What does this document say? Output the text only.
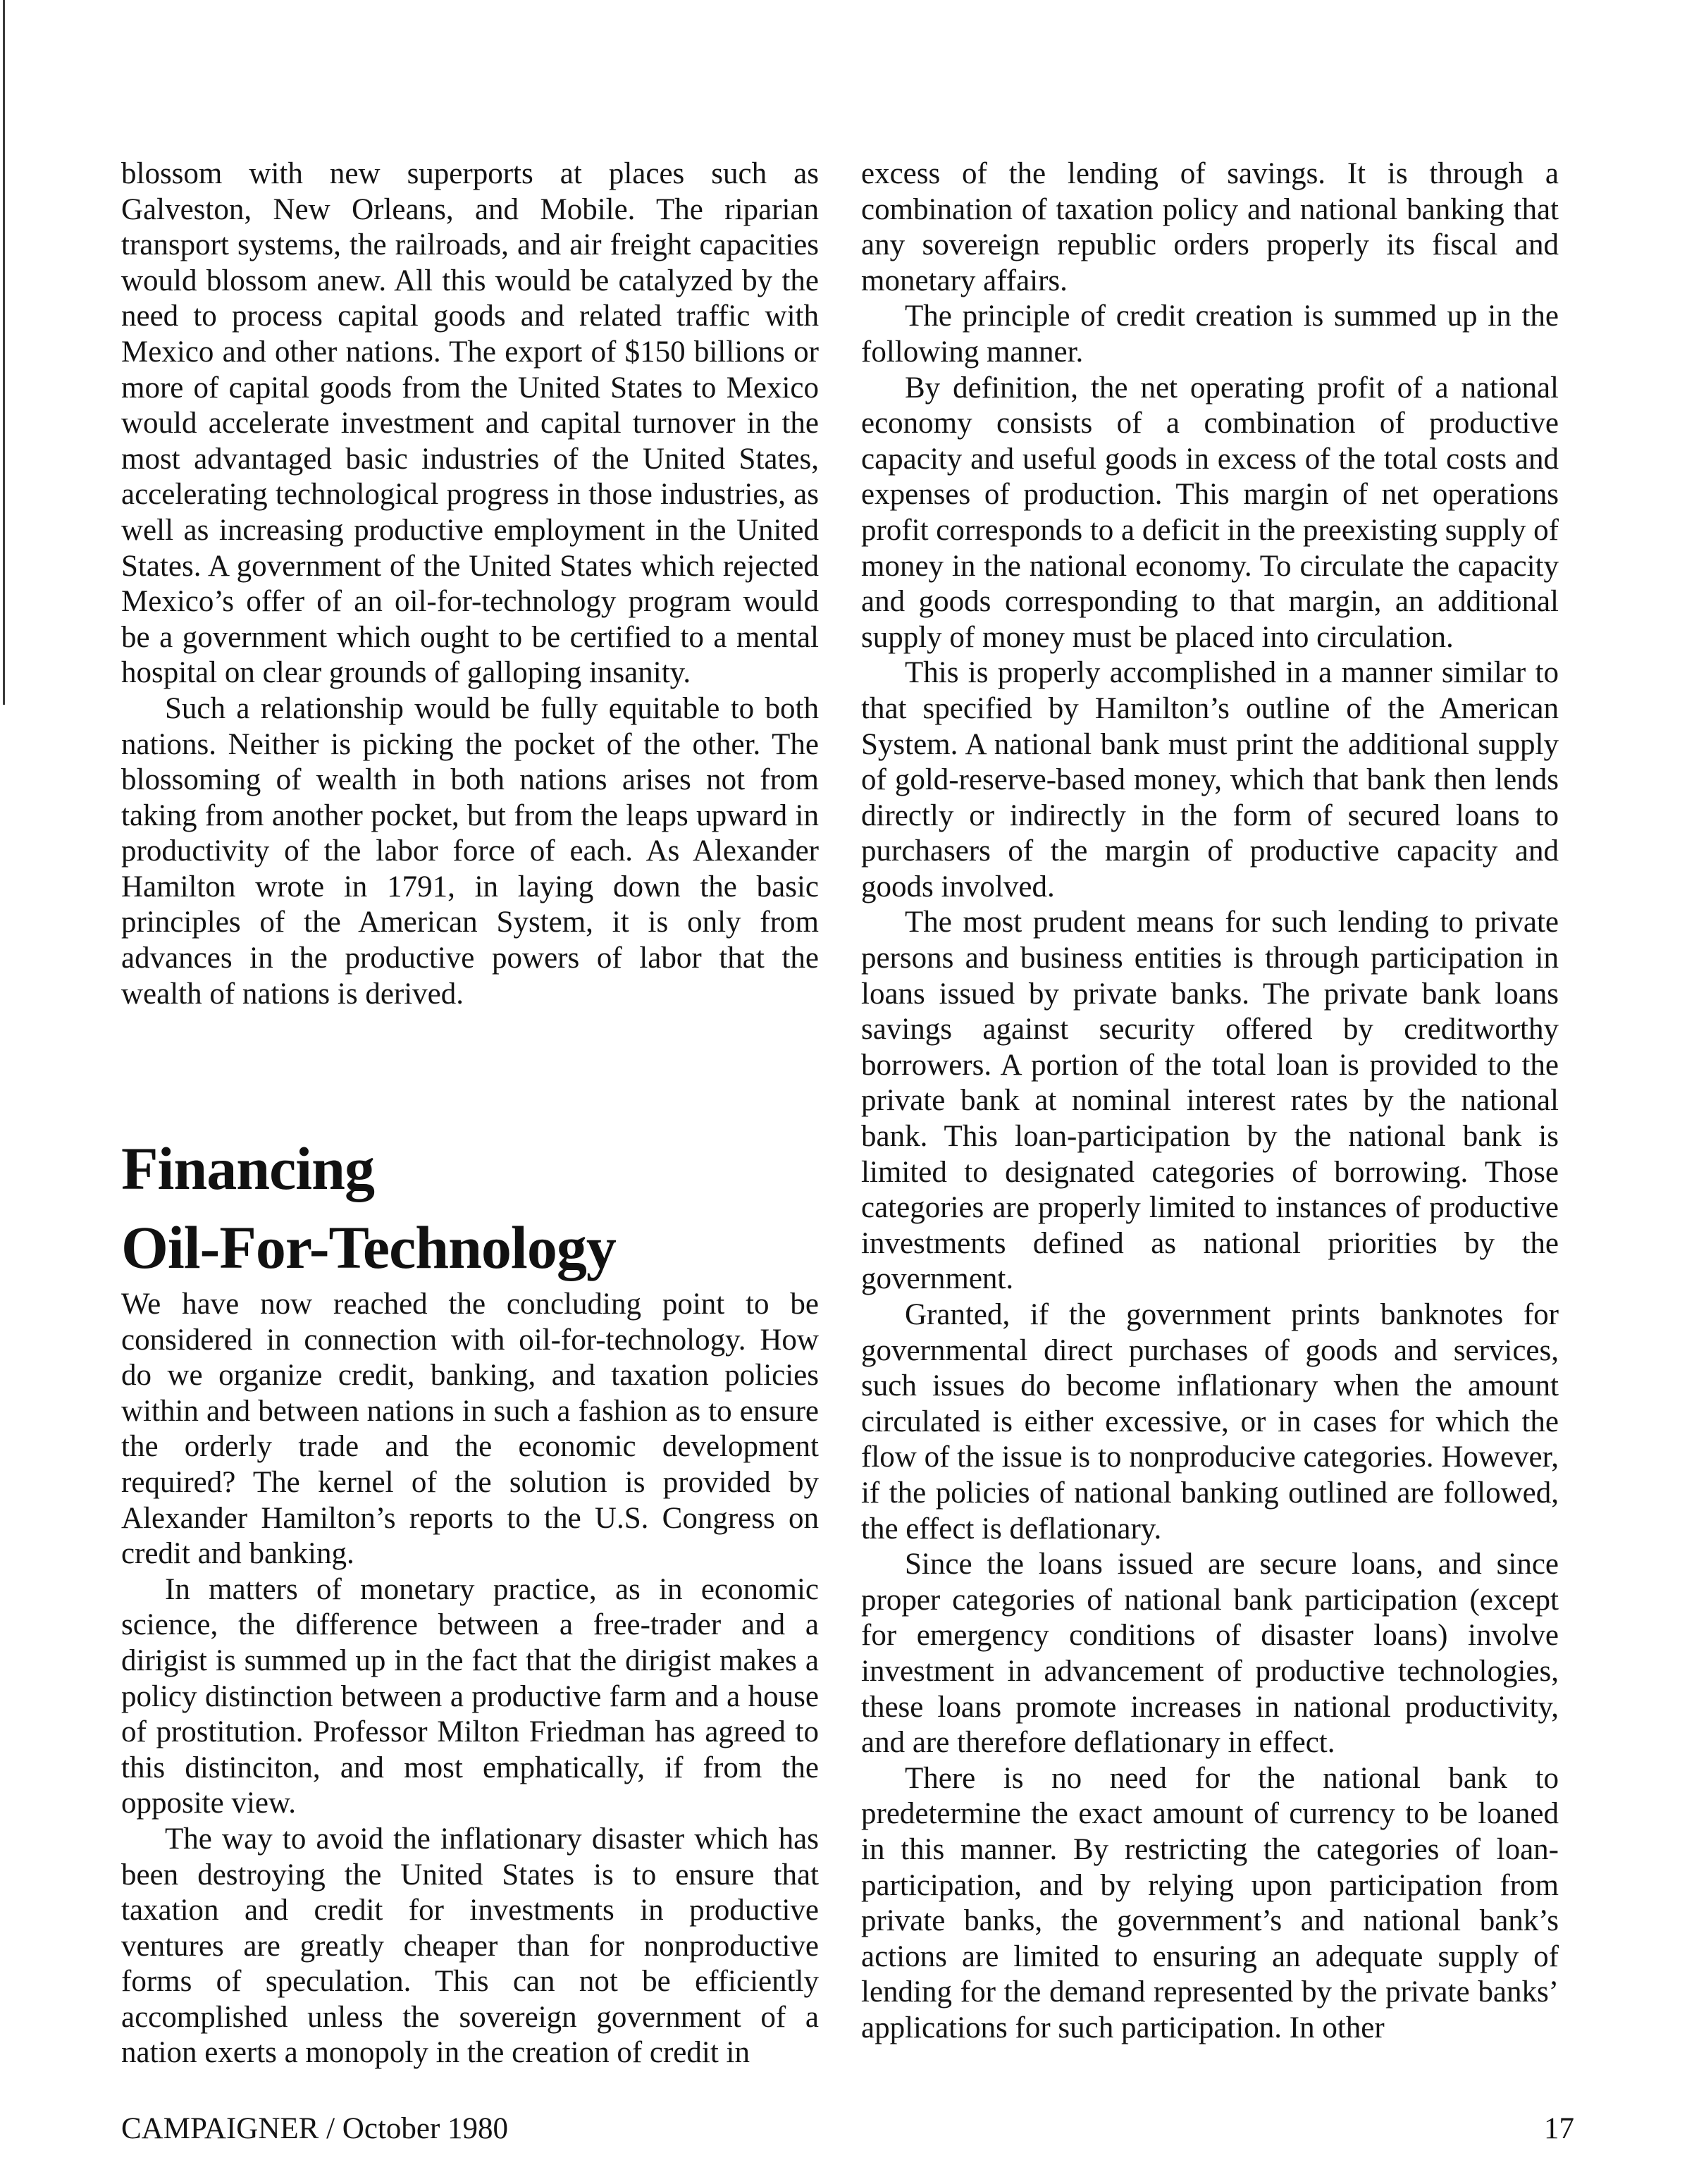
blossom with new superports at places such as Galveston, New Orleans, and Mobile. The riparian transport systems, the railroads, and air freight capacities would blossom anew. All this would be catalyzed by the need to process capital goods and related traffic with Mexico and other nations. The export of $150 billions or more of capital goods from the United States to Mexico would accelerate investment and capital turnover in the most advantaged basic industries of the United States, accelerating technological progress in those industries, as well as increasing productive employment in the United States. A government of the United States which rejected Mexico’s offer of an oil-for-technology program would be a government which ought to be certified to a mental hospital on clear grounds of galloping insanity.

Such a relationship would be fully equitable to both nations. Neither is picking the pocket of the other. The blossoming of wealth in both nations arises not from taking from another pocket, but from the leaps upward in productivity of the labor force of each. As Alexander Hamilton wrote in 1791, in laying down the basic principles of the American System, it is only from advances in the productive powers of labor that the wealth of nations is derived.

Financing
Oil-For-Technology

We have now reached the concluding point to be considered in connection with oil-for-technology. How do we organize credit, banking, and taxation policies within and between nations in such a fashion as to ensure the orderly trade and the economic development required? The kernel of the solution is provided by Alexander Hamilton’s reports to the U.S. Congress on credit and banking.

In matters of monetary practice, as in economic science, the difference between a free-trader and a dirigist is summed up in the fact that the dirigist makes a policy distinction between a productive farm and a house of prostitution. Professor Milton Friedman has agreed to this distinciton, and most emphatically, if from the opposite view.

The way to avoid the inflationary disaster which has been destroying the United States is to ensure that taxation and credit for investments in productive ventures are greatly cheaper than for nonproductive forms of speculation. This can not be efficiently accomplished unless the sovereign government of a nation exerts a monopoly in the creation of credit in

excess of the lending of savings. It is through a combination of taxation policy and national banking that any sovereign republic orders properly its fiscal and monetary affairs.

The principle of credit creation is summed up in the following manner.

By definition, the net operating profit of a national economy consists of a combination of productive capacity and useful goods in excess of the total costs and expenses of production. This margin of net operations profit corresponds to a deficit in the preexisting supply of money in the national economy. To circulate the capacity and goods corresponding to that margin, an additional supply of money must be placed into circulation.

This is properly accomplished in a manner similar to that specified by Hamilton’s outline of the American System. A national bank must print the additional supply of gold-reserve-based money, which that bank then lends directly or indirectly in the form of secured loans to purchasers of the margin of productive capacity and goods involved.

The most prudent means for such lending to private persons and business entities is through participation in loans issued by private banks. The private bank loans savings against security offered by creditworthy borrowers. A portion of the total loan is provided to the private bank at nominal interest rates by the national bank. This loan-participation by the national bank is limited to designated categories of borrowing. Those categories are properly limited to instances of productive investments defined as national priorities by the government.

Granted, if the government prints banknotes for governmental direct purchases of goods and services, such issues do become inflationary when the amount circulated is either excessive, or in cases for which the flow of the issue is to nonproducive categories. However, if the policies of national banking outlined are followed, the effect is deflationary.

Since the loans issued are secure loans, and since proper categories of national bank participation (except for emergency conditions of disaster loans) involve investment in advancement of productive technologies, these loans promote increases in national productivity, and are therefore deflationary in effect.

There is no need for the national bank to predetermine the exact amount of currency to be loaned in this manner. By restricting the categories of loan-participation, and by relying upon participation from private banks, the government’s and national bank’s actions are limited to ensuring an adequate supply of lending for the demand represented by the private banks’ applications for such participation. In other

CAMPAIGNER / October 1980	17
